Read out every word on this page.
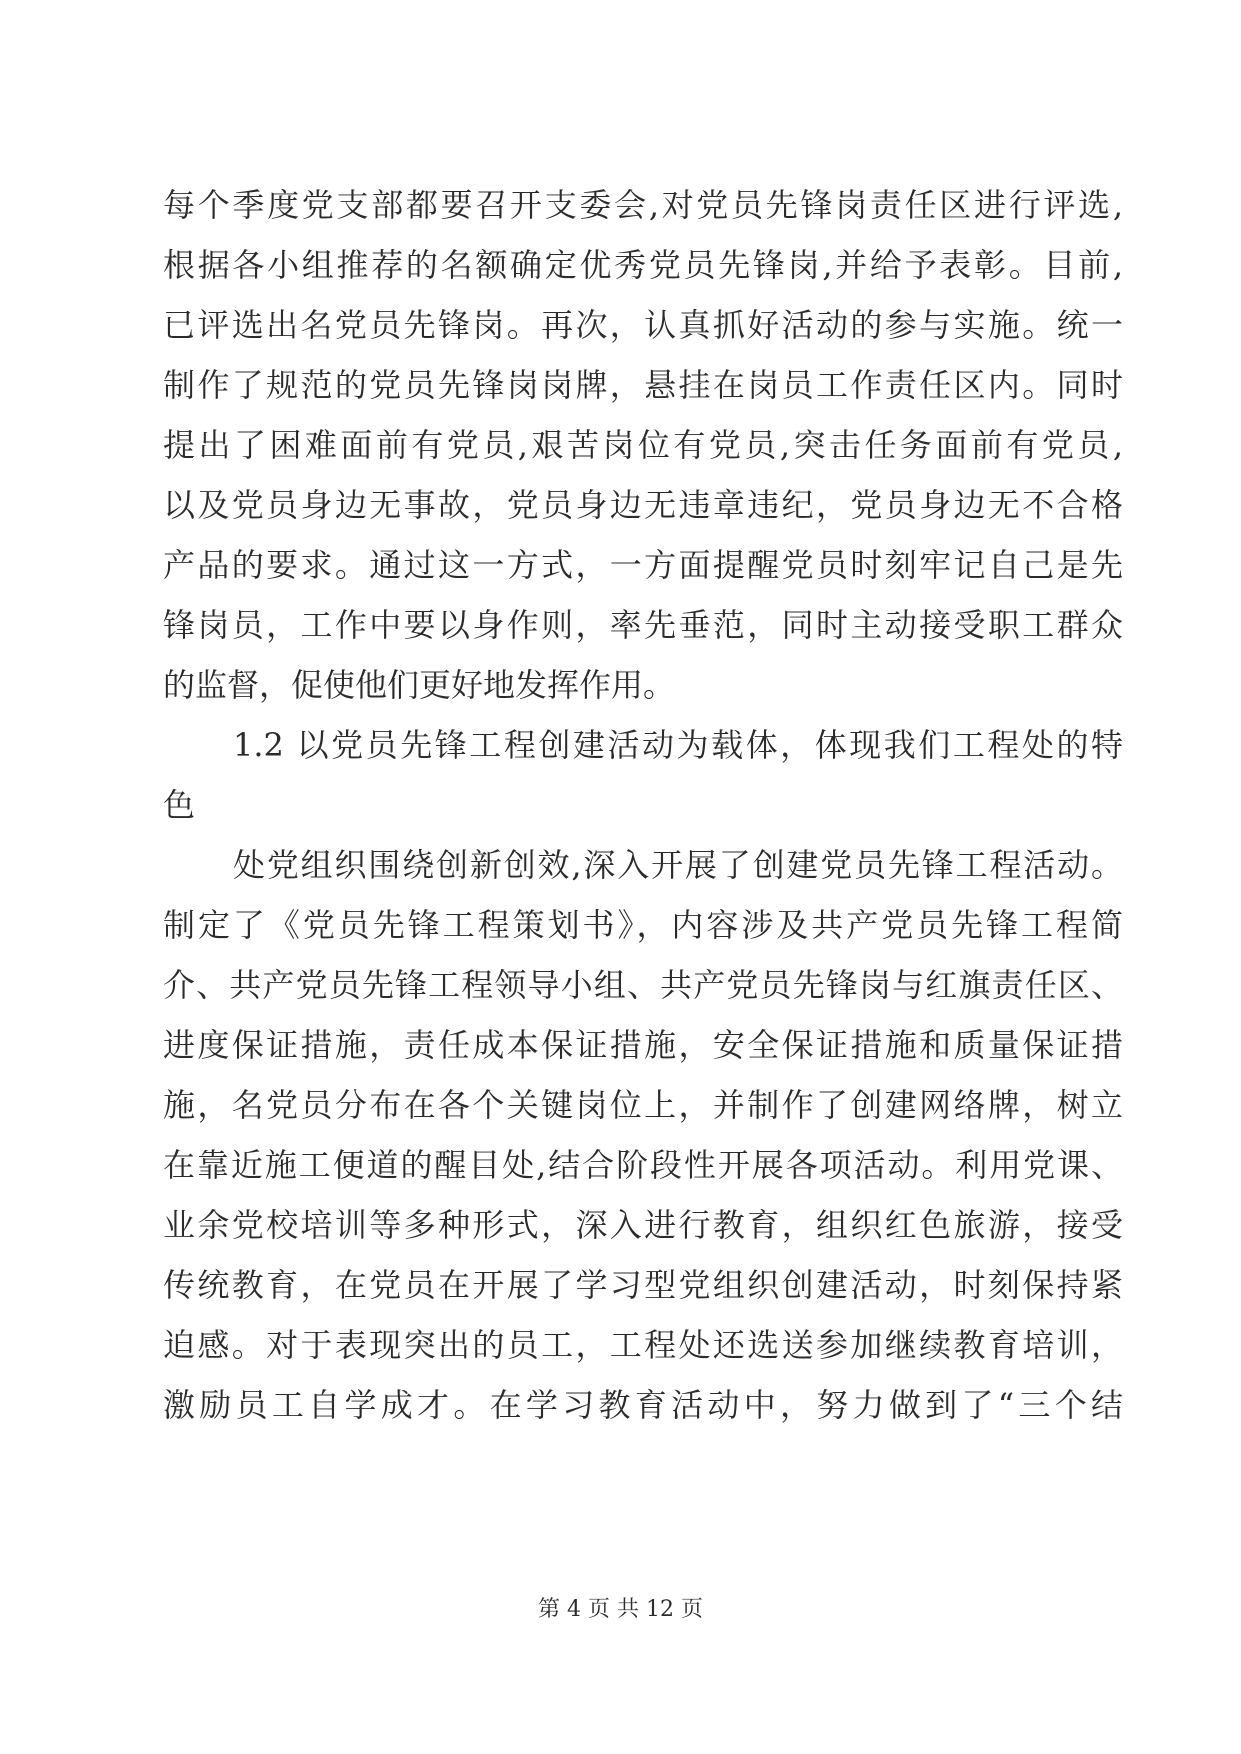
每个季度党支部都要召开支委会,对党员先锋岗责任区进行评选,
根据各小组推荐的名额确定优秀党员先锋岗,并给予表彰。目前,
已评选出名党员先锋岗。再次，认真抓好活动的参与实施。统一
制作了规范的党员先锋岗岗牌，悬挂在岗员工作责任区内。同时
提出了困难面前有党员,艰苦岗位有党员,突击任务面前有党员,
以及党员身边无事故，党员身边无违章违纪，党员身边无不合格
产品的要求。通过这一方式，一方面提醒党员时刻牢记自己是先
锋岗员，工作中要以身作则，率先垂范，同时主动接受职工群众
的监督，促使他们更好地发挥作用。
1.2 以党员先锋工程创建活动为载体，体现我们工程处的特
色
处党组织围绕创新创效,深入开展了创建党员先锋工程活动。
制定了《党员先锋工程策划书》，内容涉及共产党员先锋工程简
介、共产党员先锋工程领导小组、共产党员先锋岗与红旗责任区、
进度保证措施，责任成本保证措施，安全保证措施和质量保证措
施，名党员分布在各个关键岗位上，并制作了创建网络牌，树立
在靠近施工便道的醒目处,结合阶段性开展各项活动。利用党课、
业余党校培训等多种形式，深入进行教育，组织红色旅游，接受
传统教育，在党员在开展了学习型党组织创建活动，时刻保持紧
迫感。对于表现突出的员工，工程处还选送参加继续教育培训，
激励员工自学成才。在学习教育活动中，努力做到了“三个结
第 4 页 共 12 页
